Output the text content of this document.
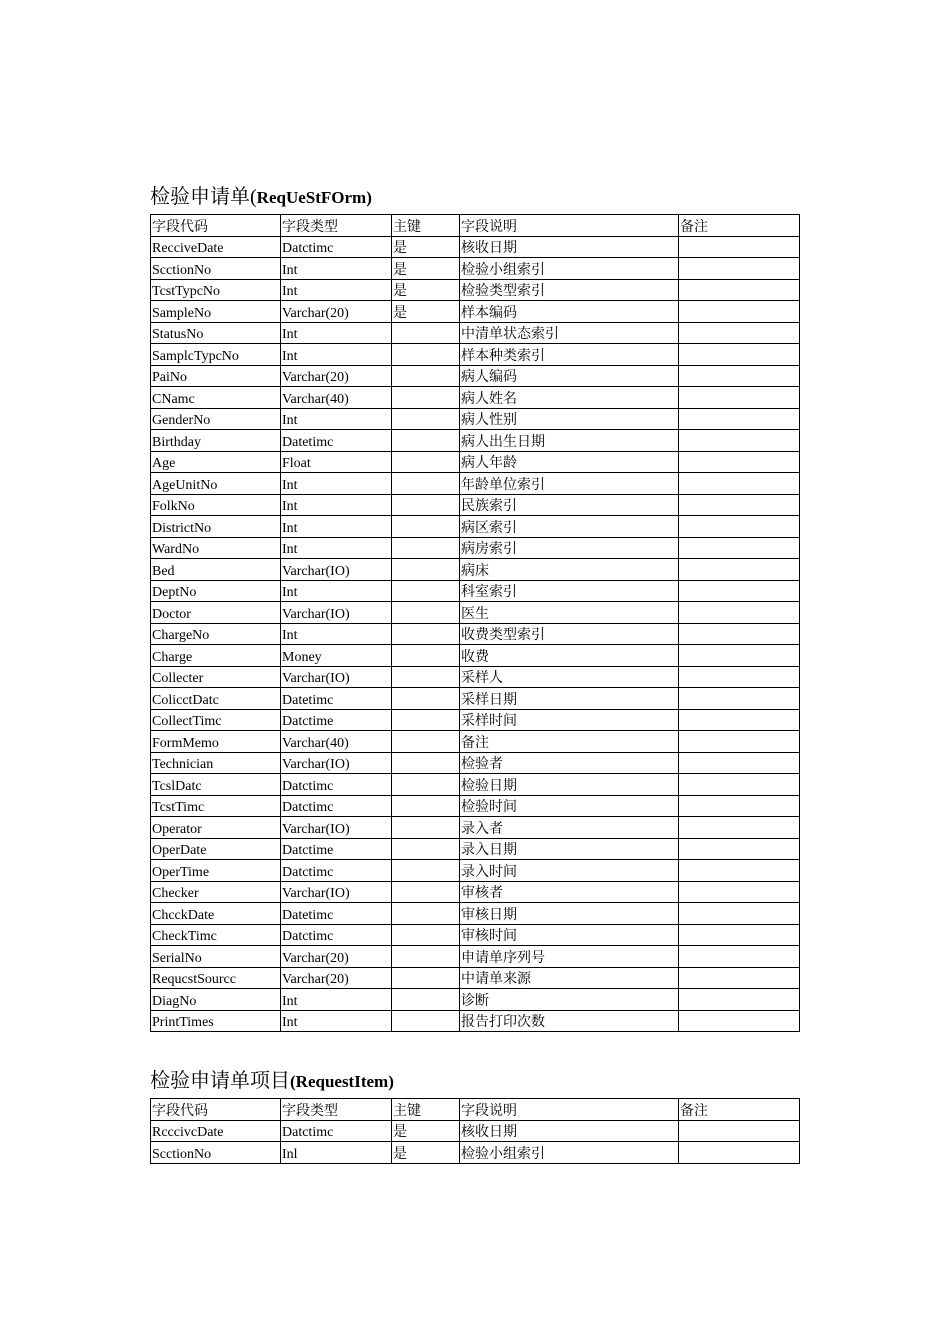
检验申请单(ReqUeStFOrm)
字段代码	字段类型	主键	字段说明	备注
RecciveDate	Datctimc	是	核收日期	
ScctionNo	Int	是	检验小组索引	
TcstTypcNo	Int	是	检验类型索引	
SampleNo	Varchar(20)	是	样本编码	
StatusNo	Int		中清单状态索引	
SamplcTypcNo	Int		样本种类索引	
PaiNo	Varchar(20)		病人编码	
CNamc	Varchar(40)		病人姓名	
GenderNo	Int		病人性别	
Birthday	Datetimc		病人出生日期	
Age	Float		病人年龄	
AgeUnitNo	Int		年龄单位索引	
FolkNo	Int		民族索引	
DistrictNo	Int		病区索引	
WardNo	Int		病房索引	
Bed	Varchar(IO)		病床	
DeptNo	Int		科室索引	
Doctor	Varchar(IO)		医生	
ChargeNo	Int		收费类型索引	
Charge	Money		收费	
Collecter	Varchar(IO)		采样人	
ColicctDatc	Datetimc		采样日期	
CollectTimc	Datctime		采样时间	
FormMemo	Varchar(40)		备注	
Technician	Varchar(IO)		检验者	
TcslDatc	Datctimc		检验日期	
TcstTimc	Datctimc		检验时间	
Operator	Varchar(IO)		录入者	
OperDate	Datctime		录入日期	
OperTime	Datctimc		录入时间	
Checker	Varchar(IO)		审核者	
ChcckDate	Datetimc		审核日期	
CheckTimc	Datctimc		审核时间	
SerialNo	Varchar(20)		申请单序列号	
RequcstSourcc	Varchar(20)		中请单来源	
DiagNo	Int		诊断	
PrintTimes	Int		报告打印次数	
检验申请单项目(RequestItem)
字段代码	字段类型	主键	字段说明	备注
RcccivcDate	Datctimc	是	核收日期	
ScctionNo	Inl	是	检验小组索引	
